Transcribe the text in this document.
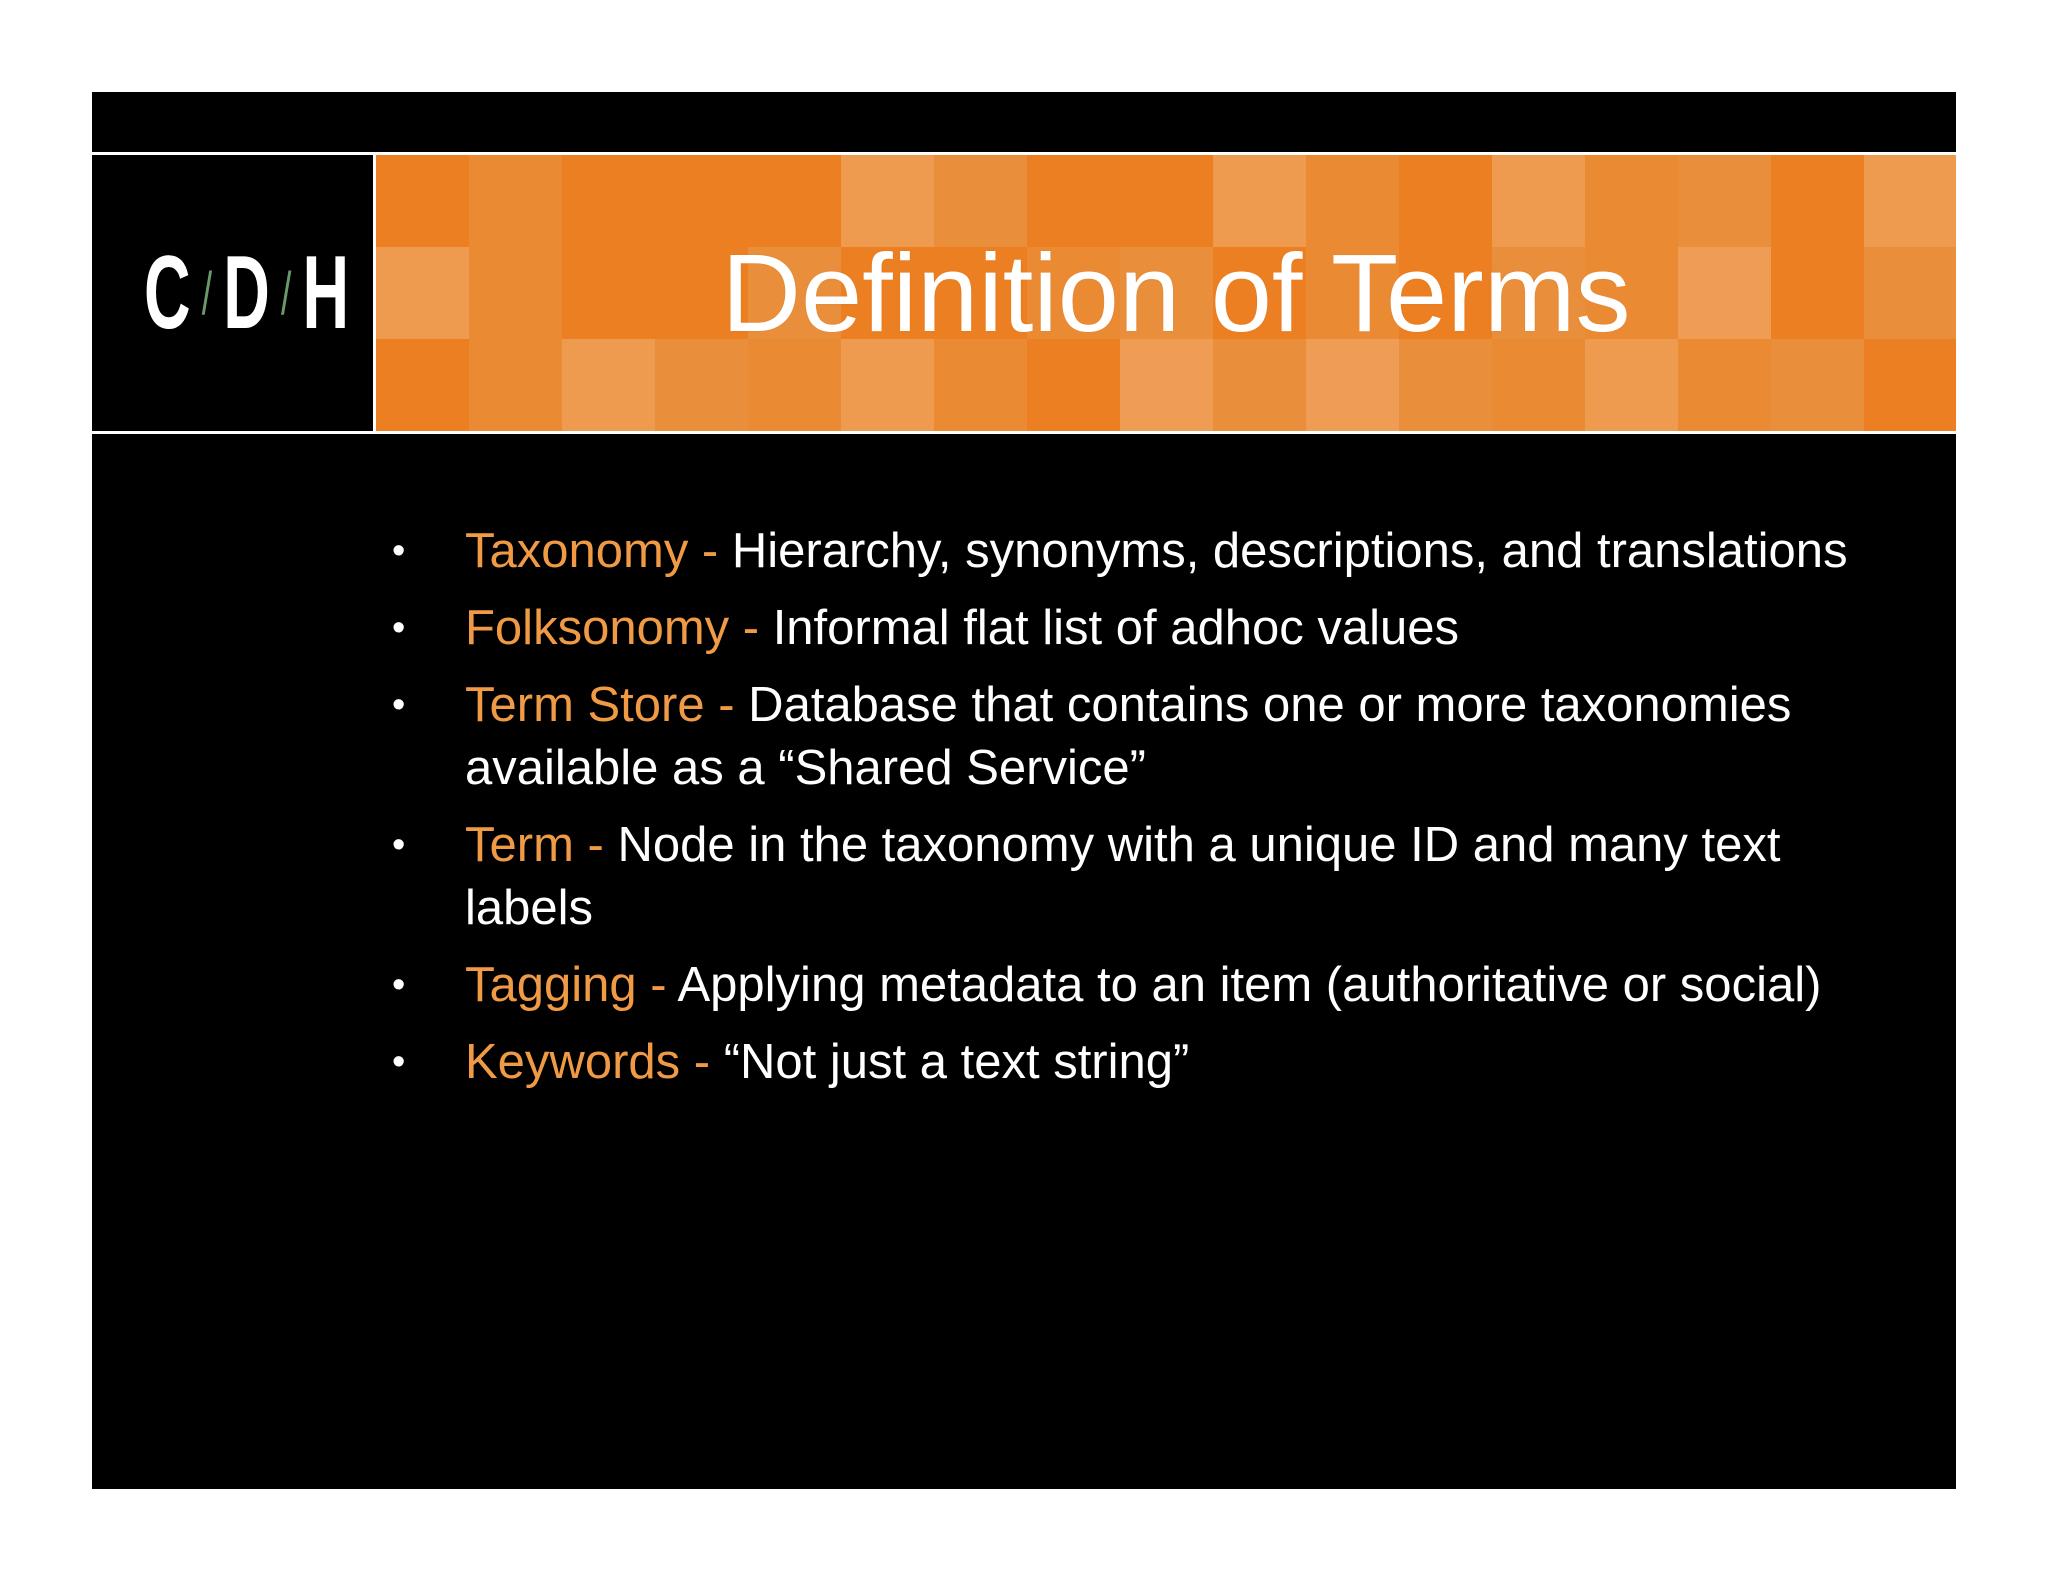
C / D / H	Definition of Terms
• Taxonomy - Hierarchy, synonyms, descriptions, and translations
• Folksonomy - Informal flat list of adhoc values
• Term Store - Database that contains one or more taxonomies available as a “Shared Service”
• Term - Node in the taxonomy with a unique ID and many text labels
• Tagging - Applying metadata to an item (authoritative or social)
• Keywords - “Not just a text string”
